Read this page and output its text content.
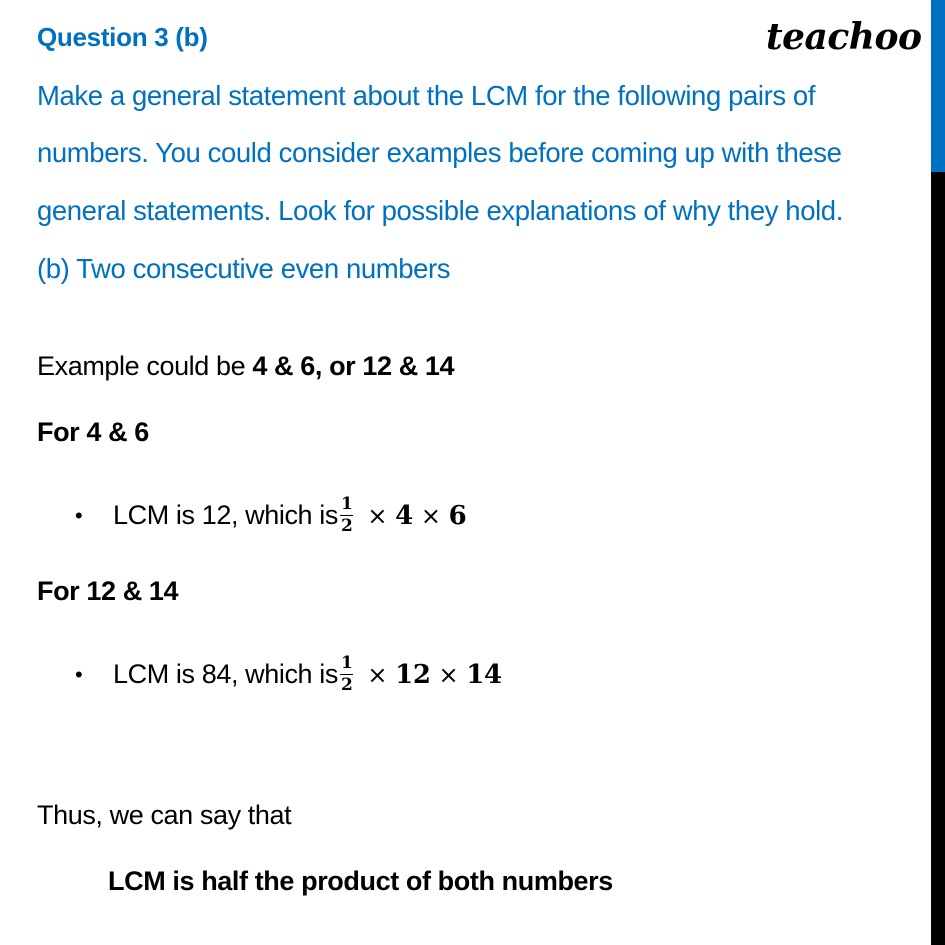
Question 3 (b)	teachoo
Make a general statement about the LCM for the following pairs of
numbers. You could consider examples before coming up with these
general statements. Look for possible explanations of why they hold.
(b) Two consecutive even numbers
Example could be 4 & 6, or 12 & 14
For 4 & 6
•	LCM is 12, which is $\frac{1}{2} \times 4 \times 6$
For 12 & 14
•	LCM is 84, which is $\frac{1}{2} \times 12 \times 14$
Thus, we can say that
LCM is half the product of both numbers
